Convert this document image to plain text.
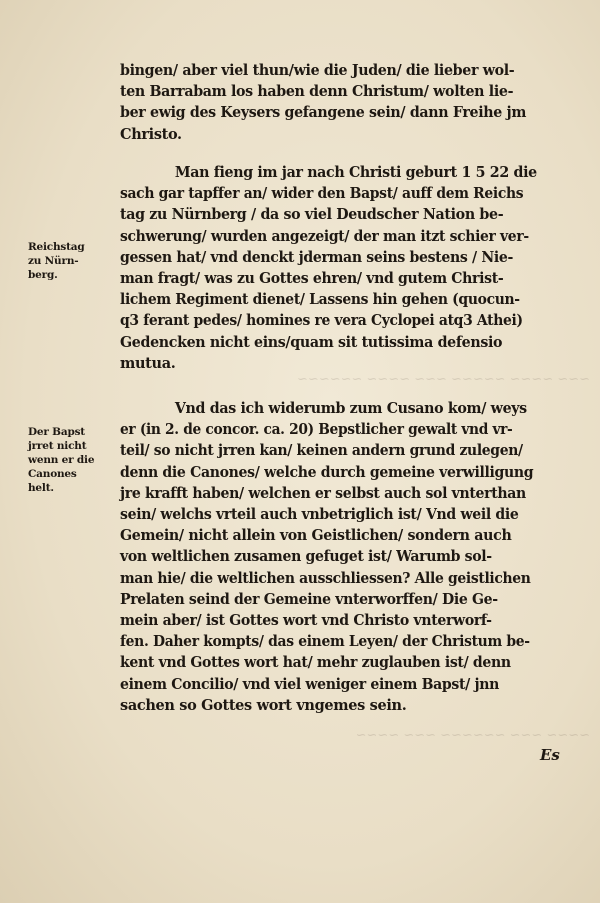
~~~ ~~~~ ~~~~~ ~~~ ~~~~ ~~~~~~
~~~~ ~~~ ~~~~~~ ~~~ ~~~~
bingen/ aber viel thun/wie die Juden/ die lieber wol-
ten Barrabam los haben denn Christum/ wolten lie-
ber ewig des Keysers gefangene sein/ dann Freihe jm
Christo.
Man fieng im jar nach Christi geburt 1 5 22 die
sach gar tapffer an/ wider den Bapst/ auff dem Reichs
tag zu Nürnberg / da so viel Deudscher Nation be-
schwerung/ wurden angezeigt/ der man itzt schier ver-
gessen hat/ vnd denckt jderman seins bestens / Nie-
man fragt/ was zu Gottes ehren/ vnd gutem Christ-
lichem Regiment dienet/ Lassens hin gehen (quocun-
q3 ferant pedes/ homines re vera Cyclopei atq3 Athei)
Gedencken nicht eins/quam sit tutissima defensio
mutua.
Vnd das ich widerumb zum Cusano kom/ weys
er (in 2. de concor. ca. 20) Bepstlicher gewalt vnd vr-
teil/ so nicht jrren kan/ keinen andern grund zulegen/
denn die Canones/ welche durch gemeine verwilligung
jre krafft haben/ welchen er selbst auch sol vnterthan
sein/ welchs vrteil auch vnbetriglich ist/ Vnd weil die
Gemein/ nicht allein von Geistlichen/ sondern auch
von weltlichen zusamen gefuget ist/ Warumb sol-
man hie/ die weltlichen ausschliessen? Alle geistlichen
Prelaten seind der Gemeine vnterworffen/ Die Ge-
mein aber/ ist Gottes wort vnd Christo vnterworf-
fen. Daher kompts/ das einem Leyen/ der Christum be-
kent vnd Gottes wort hat/ mehr zuglauben ist/ denn
einem Concilio/ vnd viel weniger einem Bapst/ jnn
sachen so Gottes wort vngemes sein.
Reichstag
zu Nürn-
berg.
Der Bapst
jrret nicht
wenn er die
Canones
helt.
Es
